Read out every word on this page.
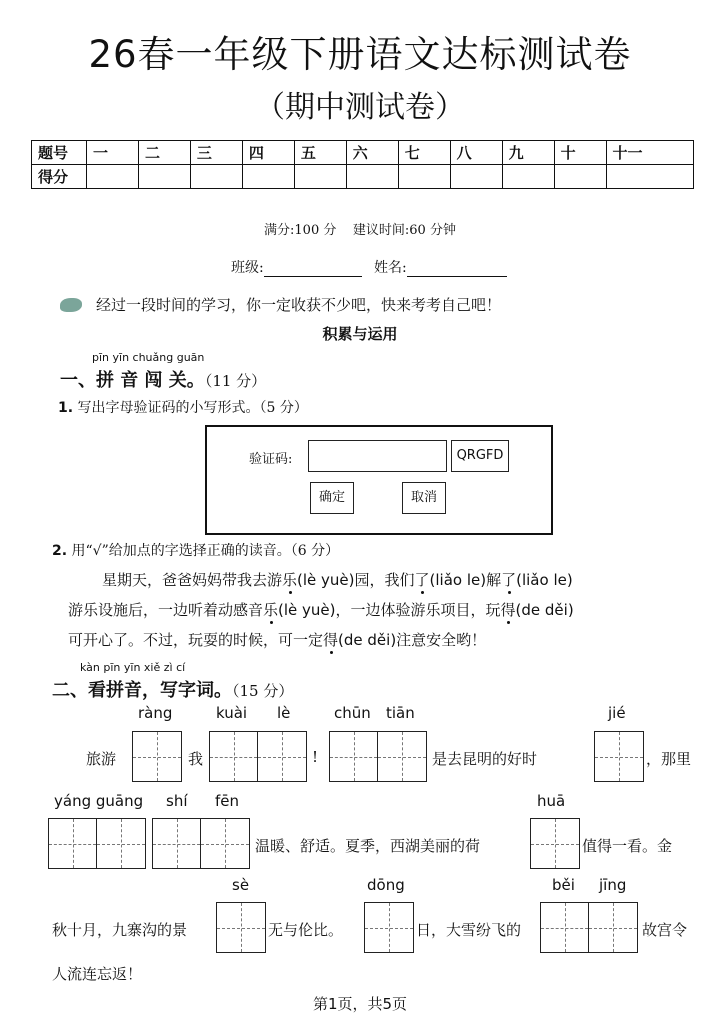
26春一年级下册语文达标测试卷
（期中测试卷）
题号	一	二	三	四	五	六	七	八	九	十	十一
得分											
满分:100 分 建议时间:60 分钟
班级:	姓名:
经过一段时间的学习，你一定收获不少吧，快来考考自己吧！
积累与运用
pīn yīn chuǎng guān
一、拼 音 闯 关。（11 分）
1. 写出字母验证码的小写形式。（5 分）
验证码:	QRGFD
确定	取消
2. 用“√”给加点的字选择正确的读音。（6 分）
星期天，爸爸妈妈带我去游乐(lè yuè)园，我们了(liǎo le)解了(liǎo le)
游乐设施后，一边听着动感音乐(lè yuè)，一边体验游乐项目，玩得(de děi)
可开心了。不过，玩耍的时候，可一定得(de děi)注意安全哟！
kàn pīn yīn xiě zì cí
二、看拼音，写字词。（15 分）
ràng	kuài lè	chūn tiān	jié
旅游	我	!	是去昆明的好时	，那里
yáng guāng shí fēn	huā
温暖、舒适。夏季，西湖美丽的荷	值得一看。金
sè	dōng	běi jīng
秋十月，九寨沟的景	无与伦比。	日，大雪纷飞的	故宫令
人流连忘返！
第1页，共5页
